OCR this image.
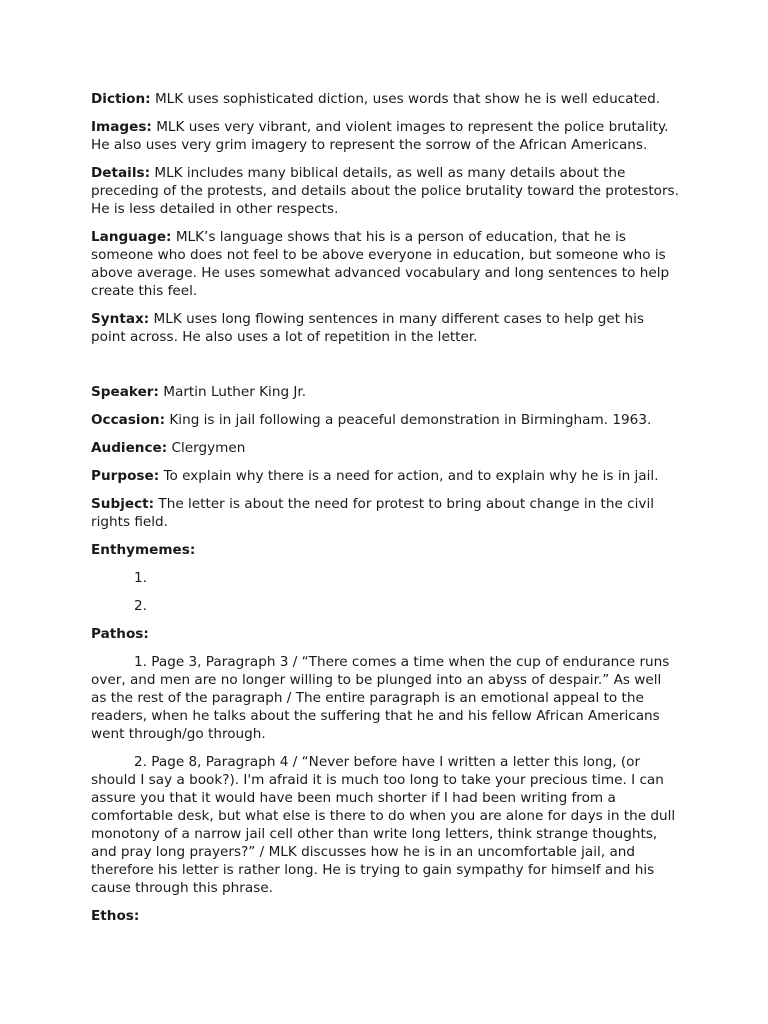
Diction: MLK uses sophisticated diction, uses words that show he is well educated.

Images: MLK uses very vibrant, and violent images to represent the police brutality. He also uses very grim imagery to represent the sorrow of the African Americans.

Details: MLK includes many biblical details, as well as many details about the preceding of the protests, and details about the police brutality toward the protestors. He is less detailed in other respects.

Language: MLK’s language shows that his is a person of education, that he is someone who does not feel to be above everyone in education, but someone who is above average. He uses somewhat advanced vocabulary and long sentences to help create this feel.

Syntax: MLK uses long flowing sentences in many different cases to help get his point across. He also uses a lot of repetition in the letter.

Speaker: Martin Luther King Jr.

Occasion: King is in jail following a peaceful demonstration in Birmingham. 1963.

Audience: Clergymen

Purpose: To explain why there is a need for action, and to explain why he is in jail.

Subject: The letter is about the need for protest to bring about change in the civil rights field.

Enthymemes:

1.
2.

Pathos:

1. Page 3, Paragraph 3 / “There comes a time when the cup of endurance runs over, and men are no longer willing to be plunged into an abyss of despair.” As well as the rest of the paragraph / The entire paragraph is an emotional appeal to the readers, when he talks about the suffering that he and his fellow African Americans went through/go through.

2. Page 8, Paragraph 4 / “Never before have I written a letter this long, (or should I say a book?). I'm afraid it is much too long to take your precious time. I can assure you that it would have been much shorter if I had been writing from a comfortable desk, but what else is there to do when you are alone for days in the dull monotony of a narrow jail cell other than write long letters, think strange thoughts, and pray long prayers?” / MLK discusses how he is in an uncomfortable jail, and therefore his letter is rather long. He is trying to gain sympathy for himself and his cause through this phrase.

Ethos:
